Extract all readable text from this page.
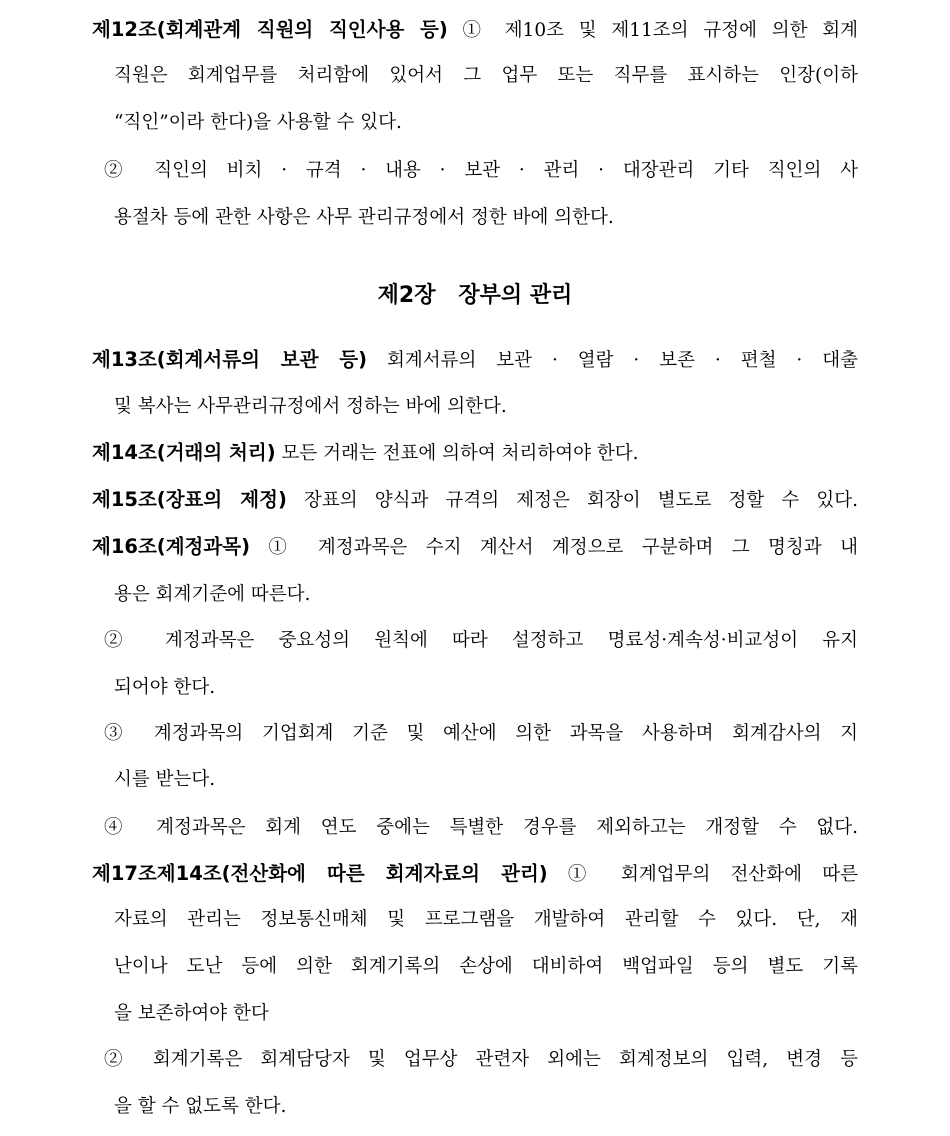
제12조(회계관계 직원의 직인사용 등) ① 제10조 및 제11조의 규정에 의한 회계
직원은 회계업무를 처리함에 있어서 그 업무 또는 직무를 표시하는 인장(이하
“직인”이라 한다)을 사용할 수 있다.
② 직인의 비치 · 규격 · 내용 · 보관 · 관리 · 대장관리 기타 직인의 사
용절차 등에 관한 사항은 사무 관리규정에서 정한 바에 의한다.
제2장   장부의 관리
제13조(회계서류의 보관 등) 회계서류의 보관 · 열람 · 보존 · 편철 · 대출
및 복사는 사무관리규정에서 정하는 바에 의한다.
제14조(거래의 처리) 모든 거래는 전표에 의하여 처리하여야 한다.
제15조(장표의 제정) 장표의 양식과 규격의 제정은 회장이 별도로 정할 수 있다.
제16조(계정과목) ① 계정과목은 수지 계산서 계정으로 구분하며 그 명칭과 내
용은 회계기준에 따른다.
② 계정과목은 중요성의 원칙에 따라 설정하고 명료성·계속성·비교성이 유지
되어야 한다.
③ 계정과목의 기업회계 기준 및 예산에 의한 과목을 사용하며 회계감사의 지
시를 받는다.
④ 계정과목은 회계 연도 중에는 특별한 경우를 제외하고는 개정할 수 없다.
제17조제14조(전산화에 따른 회계자료의 관리) ① 회계업무의 전산화에 따른
자료의 관리는 정보통신매체 및 프로그램을 개발하여 관리할 수 있다. 단, 재
난이나 도난 등에 의한 회계기록의 손상에 대비하여 백업파일 등의 별도 기록
을 보존하여야 한다
② 회계기록은 회계담당자 및 업무상 관련자 외에는 회계정보의 입력, 변경 등
을 할 수 없도록 한다.
